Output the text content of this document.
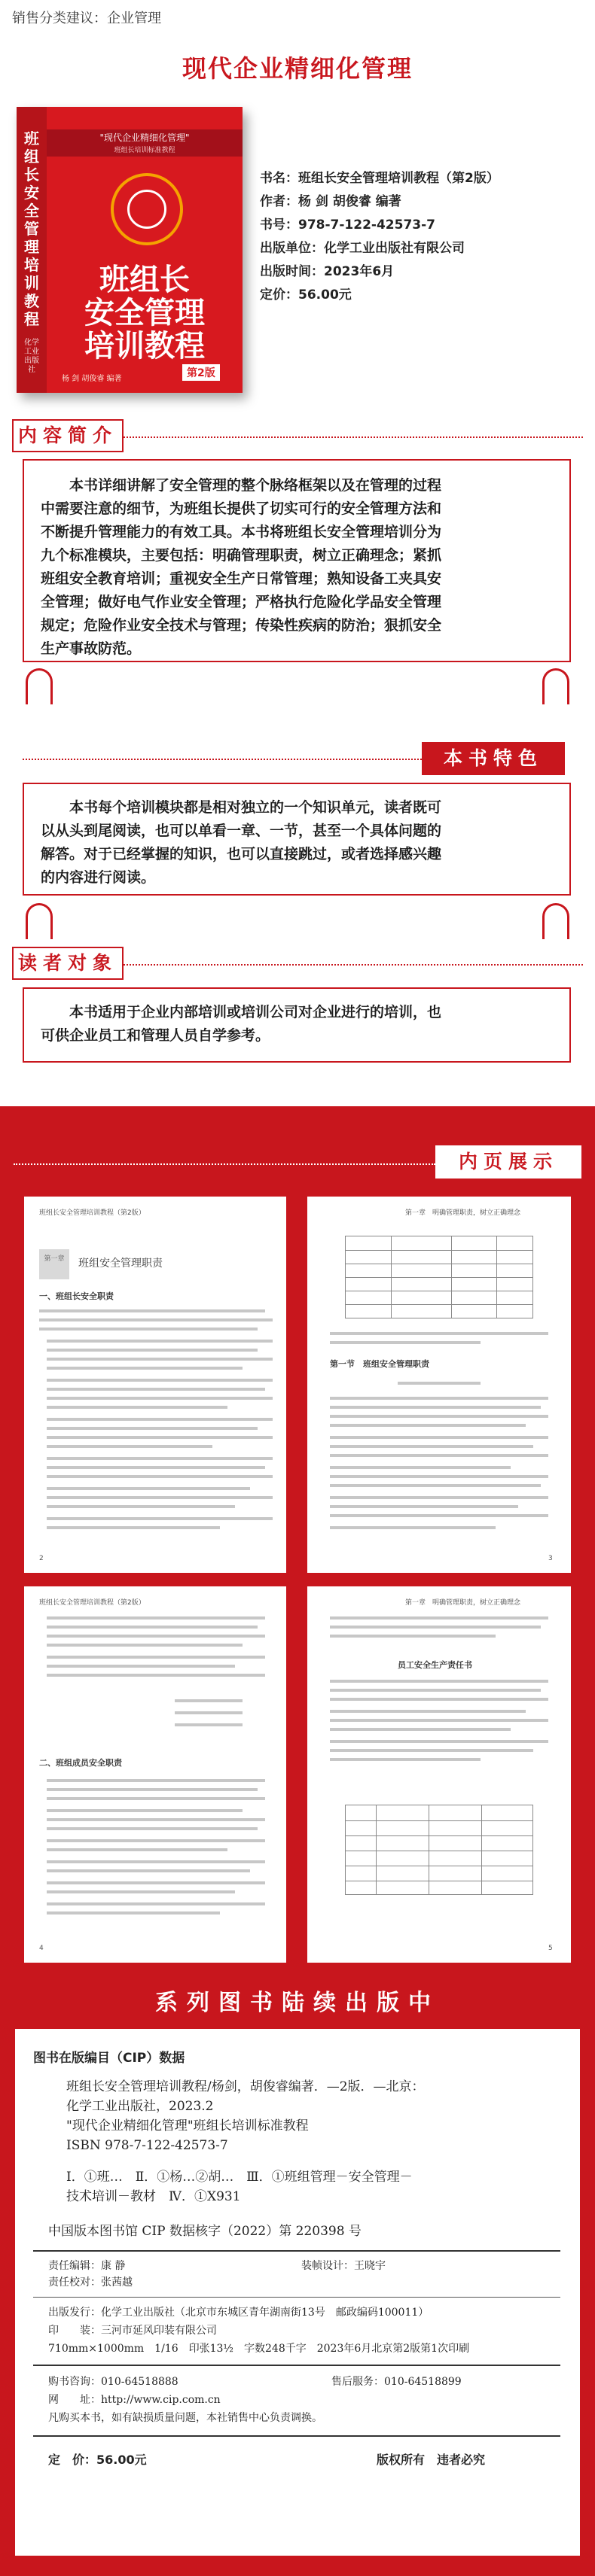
销售分类建议：企业管理
现代企业精细化管理
班组长安全管理培训教程
化学工业出版社
"现代企业精细化管理"
班组长培训标准教程
班组长
安全管理
培训教程
第2版
杨 剑 胡俊睿 编著
书名：班组长安全管理培训教程（第2版）
作者：杨 剑 胡俊睿 编著
书号：978-7-122-42573-7
出版单位：化学工业出版社有限公司
出版时间：2023年6月
定价：56.00元
内容简介
本书详细讲解了安全管理的整个脉络框架以及在管理的过程
中需要注意的细节，为班组长提供了切实可行的安全管理方法和
不断提升管理能力的有效工具。本书将班组长安全管理培训分为
九个标准模块，主要包括：明确管理职责，树立正确理念；紧抓
班组安全教育培训；重视安全生产日常管理；熟知设备工夹具安
全管理；做好电气作业安全管理；严格执行危险化学品安全管理
规定；危险作业安全技术与管理；传染性疾病的防治；狠抓安全
生产事故防范。
本书特色
本书每个培训模块都是相对独立的一个知识单元，读者既可
以从头到尾阅读，也可以单看一章、一节，甚至一个具体问题的
解答。对于已经掌握的知识，也可以直接跳过，或者选择感兴趣
的内容进行阅读。
读者对象
本书适用于企业内部培训或培训公司对企业进行的培训，也
可供企业员工和管理人员自学参考。
内页展示
班组长安全管理培训教程（第2版）
第一章	班组安全管理职责
一、班组长安全职责
2
第一章　明确管理职责，树立正确理念
第一节　班组安全管理职责
3
班组长安全管理培训教程（第2版）
二、班组成员安全职责
4
第一章　明确管理职责，树立正确理念
员工安全生产责任书
5
系列图书陆续出版中
图书在版编目（CIP）数据
班组长安全管理培训教程/杨剑，胡俊睿编著．—2版．—北京：
化学工业出版社，2023.2
"现代企业精细化管理"班组长培训标准教程
ISBN 978-7-122-42573-7
Ⅰ．①班…　Ⅱ．①杨…②胡…　Ⅲ．①班组管理－安全管理－
技术培训－教材　Ⅳ．①X931
中国版本图书馆 CIP 数据核字（2022）第 220398 号
责任编辑：康 静	装帧设计：王晓宇
责任校对：张茜越
出版发行：化学工业出版社（北京市东城区青年湖南街13号　邮政编码100011）
印　　装：三河市延风印装有限公司
710mm×1000mm　1/16　印张13½　字数248千字　2023年6月北京第2版第1次印刷
购书咨询：010-64518888	售后服务：010-64518899
网　　址：http://www.cip.com.cn
凡购买本书，如有缺损质量问题，本社销售中心负责调换。
定　价：56.00元	版权所有　违者必究
